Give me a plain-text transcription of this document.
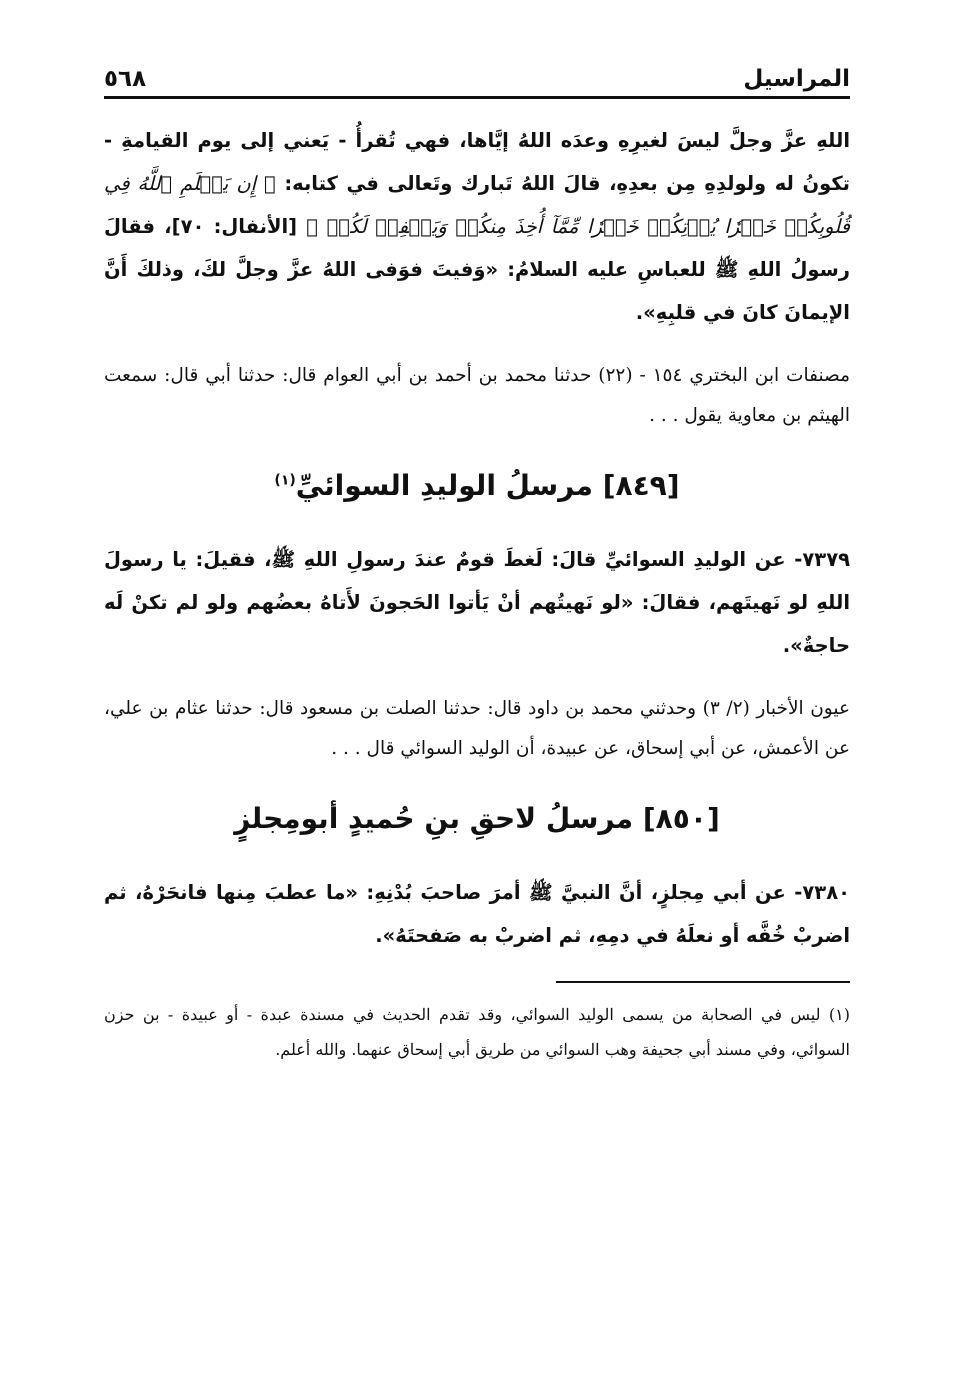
المراسيل
٥٦٨

اللهِ عزَّ وجلَّ ليسَ لغيرِهِ وعدَه اللهُ إيَّاها، فهي تُقرأُ - يَعني إلى يوم القيامةِ - تكونُ له ولولدِهِ مِن بعدِهِ، قالَ اللهُ تَبارك وتَعالى في كتابه: ﴿ إِن يَعۡلَمِ ٱللَّهُ فِي قُلُوبِكُمۡ خَيۡرٗا يُؤۡتِكُمۡ خَيۡرٗا مِّمَّآ أُخِذَ مِنكُمۡ وَيَغۡفِرۡ لَكُمۡ ﴾ [الأنفال: ٧٠]، فقالَ رسولُ اللهِ ﷺ للعباسِ عليه السلامُ: «وَفيتَ فوَفى اللهُ عزَّ وجلَّ لكَ، وذلكَ أَنَّ الإيمانَ كانَ في قلبِهِ».

مصنفات ابن البختري ١٥٤ - (٢٢) حدثنا محمد بن أحمد بن أبي العوام قال: حدثنا أبي قال: سمعت الهيثم بن معاوية يقول . . .

[٨٤٩] مرسلُ الوليدِ السوائيِّ$^{(١)}$

٧٣٧٩- عن الوليدِ السوائيِّ قالَ: لَغطَ قومٌ عندَ رسولِ اللهِ ﷺ، فقيلَ: يا رسولَ اللهِ لو نَهيتَهم، فقالَ: «لو نَهيتُهم أنْ يَأتوا الحَجونَ لأَتاهُ بعضُهم ولو لم تكنْ لَه حاجةٌ».

عيون الأخبار (٢/ ٣) وحدثني محمد بن داود قال: حدثنا الصلت بن مسعود قال: حدثنا عثام بن علي، عن الأعمش، عن أبي إسحاق، عن عبيدة، أن الوليد السوائي قال . . .

[٨٥٠] مرسلُ لاحقِ بنِ حُميدٍ أبومِجلزٍ

٧٣٨٠- عن أبي مِجلزٍ، أنَّ النبيَّ ﷺ أمرَ صاحبَ بُدْنِهِ: «ما عطبَ مِنها فانحَرْهُ، ثم اضربْ خُفَّه أو نعلَهُ في دمِهِ، ثم اضربْ به صَفحتَهُ».

(١) ليس في الصحابة من يسمى الوليد السوائي، وقد تقدم الحديث في مسندة عبدة - أو عبيدة - بن حزن السوائي، وفي مسند أبي جحيفة وهب السوائي من طريق أبي إسحاق عنهما. والله أعلم.
